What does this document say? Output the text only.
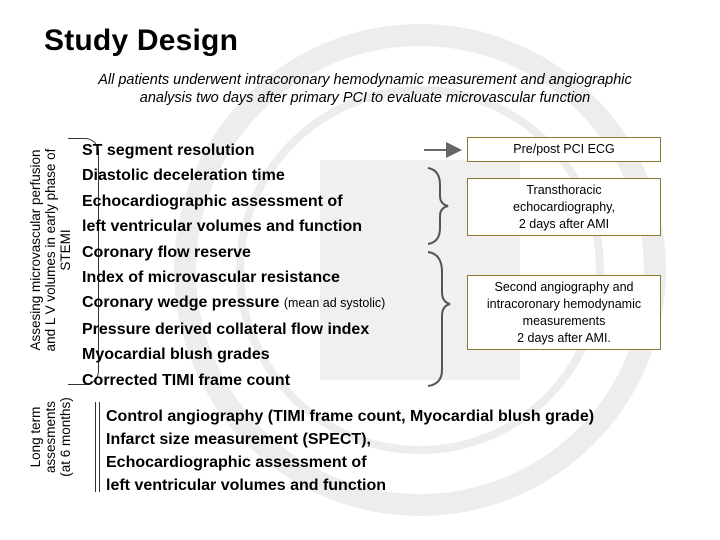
Study Design
All patients underwent intracoronary hemodynamic measurement and angiographic
analysis two days after primary PCI to evaluate microvascular function
Assesing microvascular perfusion and L V volumes in early phase of STEMI
Long term assesments (at 6 months)
ST segment resolution
Diastolic deceleration time
Echocardiographic assessment of
left ventricular volumes and function
Coronary flow reserve
Index of microvascular resistance
Coronary wedge pressure (mean ad systolic)
Pressure derived collateral flow index
Myocardial blush grades
Corrected TIMI frame count
Pre/post PCI ECG
Transthoracic
echocardiography,
2 days after AMI
Second angiography and
intracoronary hemodynamic
measurements
2 days after AMI.
Control angiography (TIMI frame count, Myocardial blush grade)
Infarct size measurement (SPECT),
Echocardiographic assessment of
left ventricular volumes and function
